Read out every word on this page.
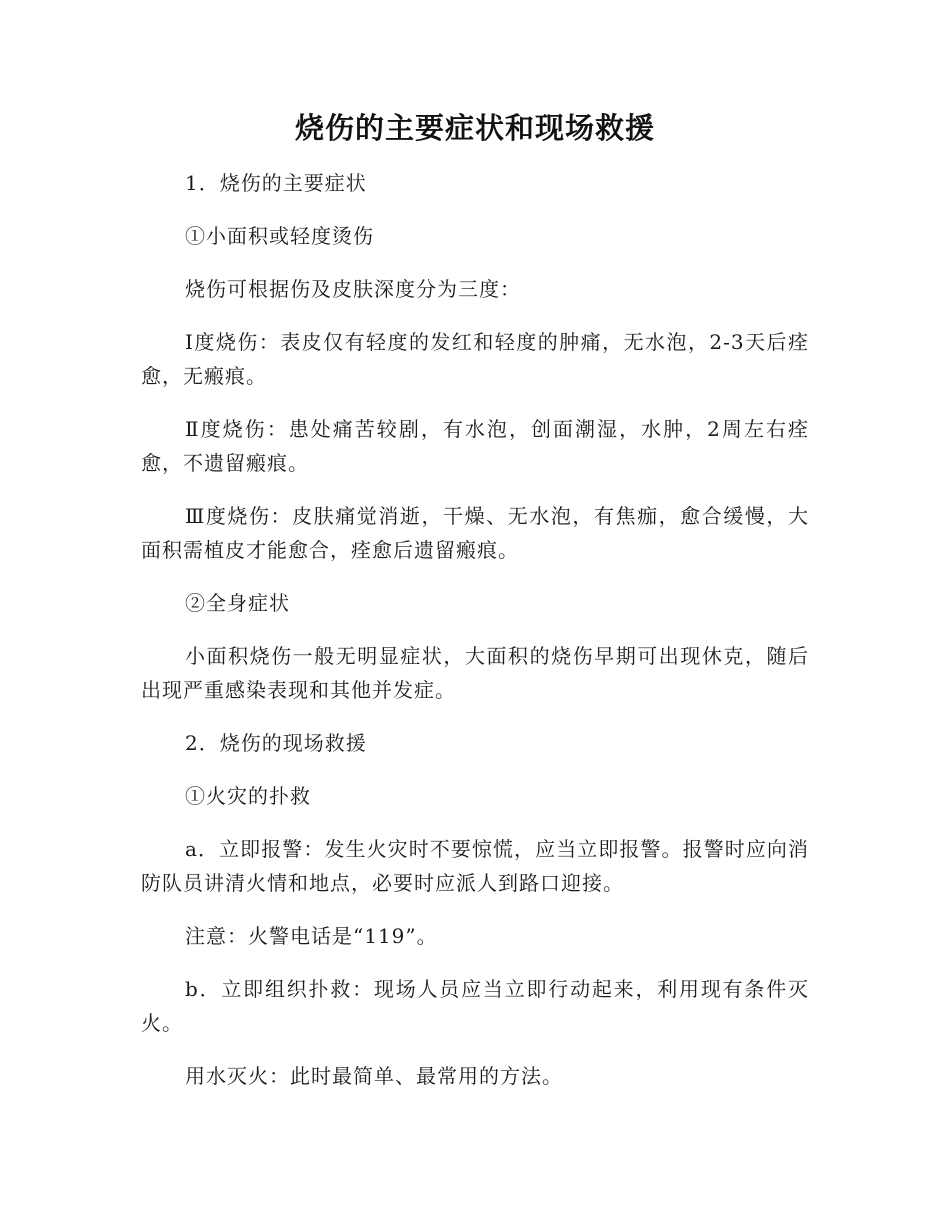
烧伤的主要症状和现场救援

1．烧伤的主要症状

①小面积或轻度烫伤

烧伤可根据伤及皮肤深度分为三度：

Ⅰ度烧伤：表皮仅有轻度的发红和轻度的肿痛，无水泡，2-3天后痊愈，无瘢痕。

Ⅱ度烧伤：患处痛苦较剧，有水泡，创面潮湿，水肿，2周左右痊愈，不遗留瘢痕。

Ⅲ度烧伤：皮肤痛觉消逝，干燥、无水泡，有焦痂，愈合缓慢，大面积需植皮才能愈合，痊愈后遗留瘢痕。

②全身症状

小面积烧伤一般无明显症状，大面积的烧伤早期可出现休克，随后出现严重感染表现和其他并发症。

2．烧伤的现场救援

①火灾的扑救

a．立即报警：发生火灾时不要惊慌，应当立即报警。报警时应向消防队员讲清火情和地点，必要时应派人到路口迎接。

注意：火警电话是“119”。

b．立即组织扑救：现场人员应当立即行动起来，利用现有条件灭火。

用水灭火：此时最简单、最常用的方法。
